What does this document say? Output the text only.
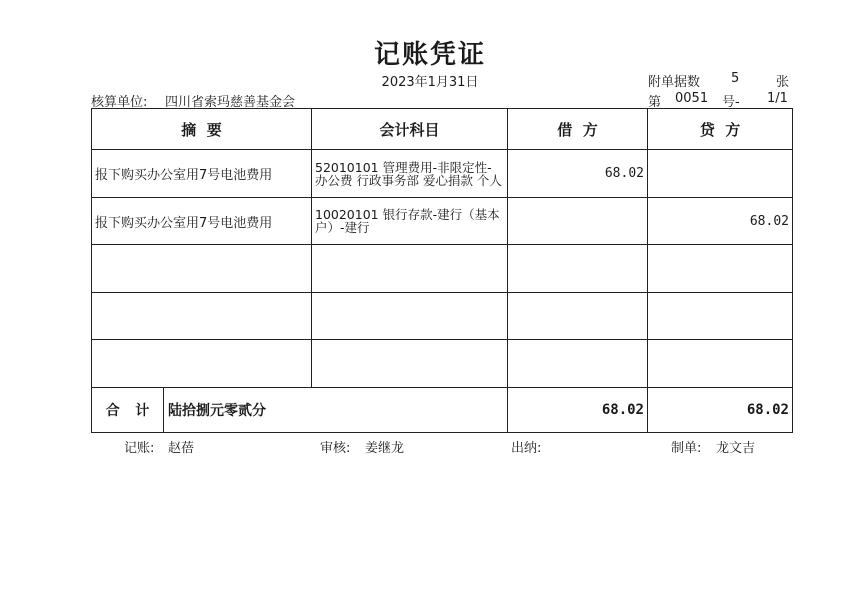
记账凭证
2023年1月31日	附单据数 5	张
核算单位: 四川省索玛慈善基金会	第 0051 号- 1/1
摘  要	会计科目	借  方	贷  方
报下购买办公室用7号电池费用	52010101 管理费用-非限定性-办公费 行政事务部 爱心捐款 个人	68.02	
报下购买办公室用7号电池费用	10020101 银行存款-建行（基本户）-建行		68.02

合 计 陆拾捌元零贰分		68.02	68.02
记账: 赵蓓	审核: 姜继龙	出纳:	制单: 龙文吉
